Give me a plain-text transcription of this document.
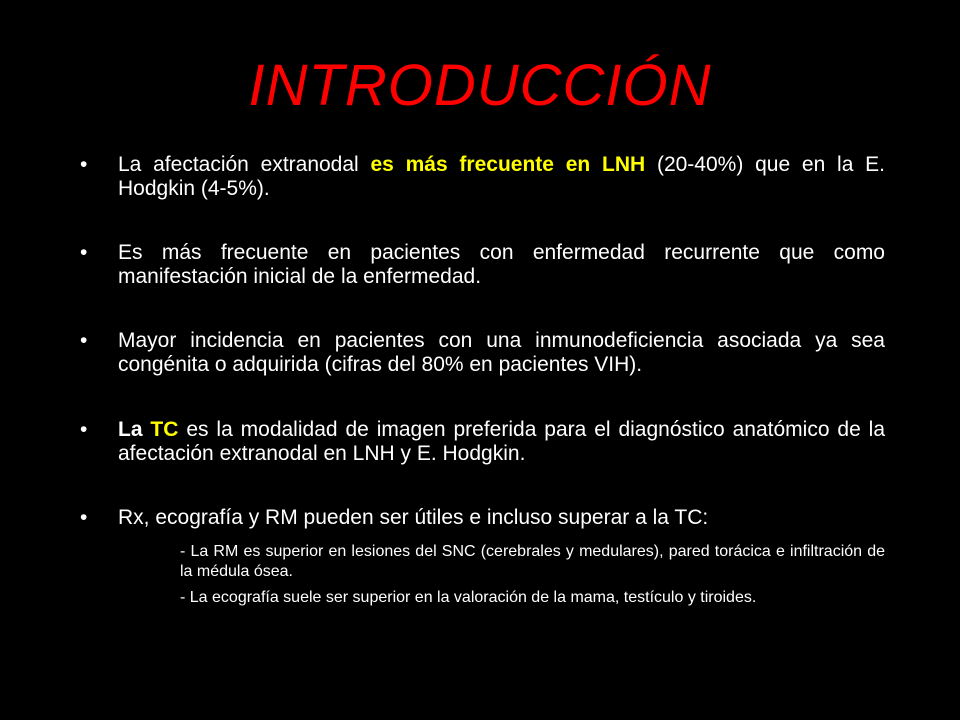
INTRODUCCIÓN
• La afectación extranodal es más frecuente en LNH (20-40%) que en la E. Hodgkin (4-5%).
• Es más frecuente en pacientes con enfermedad recurrente que como manifestación inicial de la enfermedad.
• Mayor incidencia en pacientes con una inmunodeficiencia asociada ya sea congénita o adquirida (cifras del 80% en pacientes VIH).
• La TC es la modalidad de imagen preferida para el diagnóstico anatómico de la afectación extranodal en LNH y E. Hodgkin.
• Rx, ecografía y RM pueden ser útiles e incluso superar a la TC:
- La RM es superior en lesiones del SNC (cerebrales y medulares), pared torácica e infiltración de la médula ósea.
- La ecografía suele ser superior en la valoración de la mama, testículo y tiroides.
